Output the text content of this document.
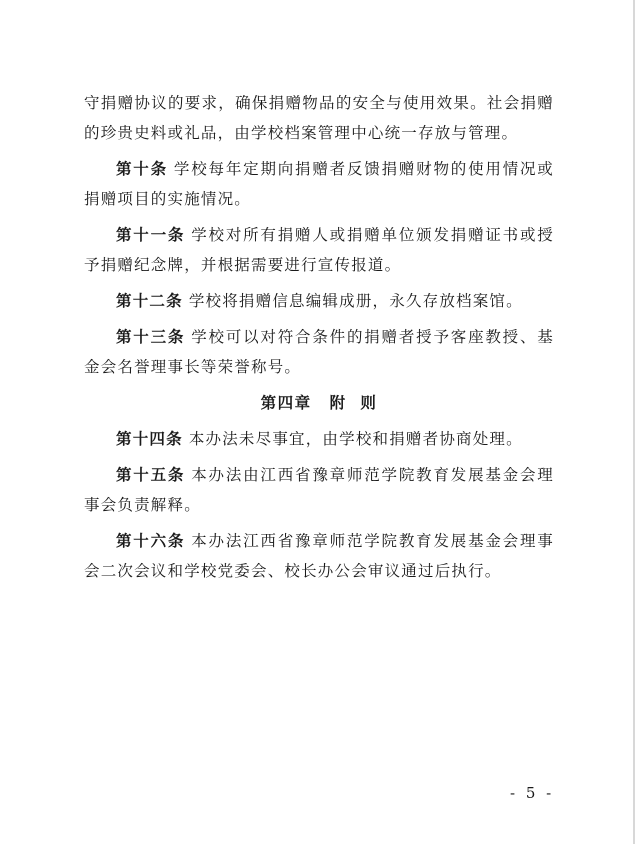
守捐赠协议的要求，确保捐赠物品的安全与使用效果。社会捐赠的珍贵史料或礼品，由学校档案管理中心统一存放与管理。

第十条 学校每年定期向捐赠者反馈捐赠财物的使用情况或捐赠项目的实施情况。

第十一条 学校对所有捐赠人或捐赠单位颁发捐赠证书或授予捐赠纪念牌，并根据需要进行宣传报道。

第十二条 学校将捐赠信息编辑成册，永久存放档案馆。

第十三条 学校可以对符合条件的捐赠者授予客座教授、基金会名誉理事长等荣誉称号。

第四章 附  则

第十四条 本办法未尽事宜，由学校和捐赠者协商处理。

第十五条 本办法由江西省豫章师范学院教育发展基金会理事会负责解释。

第十六条 本办法江西省豫章师范学院教育发展基金会理事会二次会议和学校党委会、校长办公会审议通过后执行。

- 5 -
